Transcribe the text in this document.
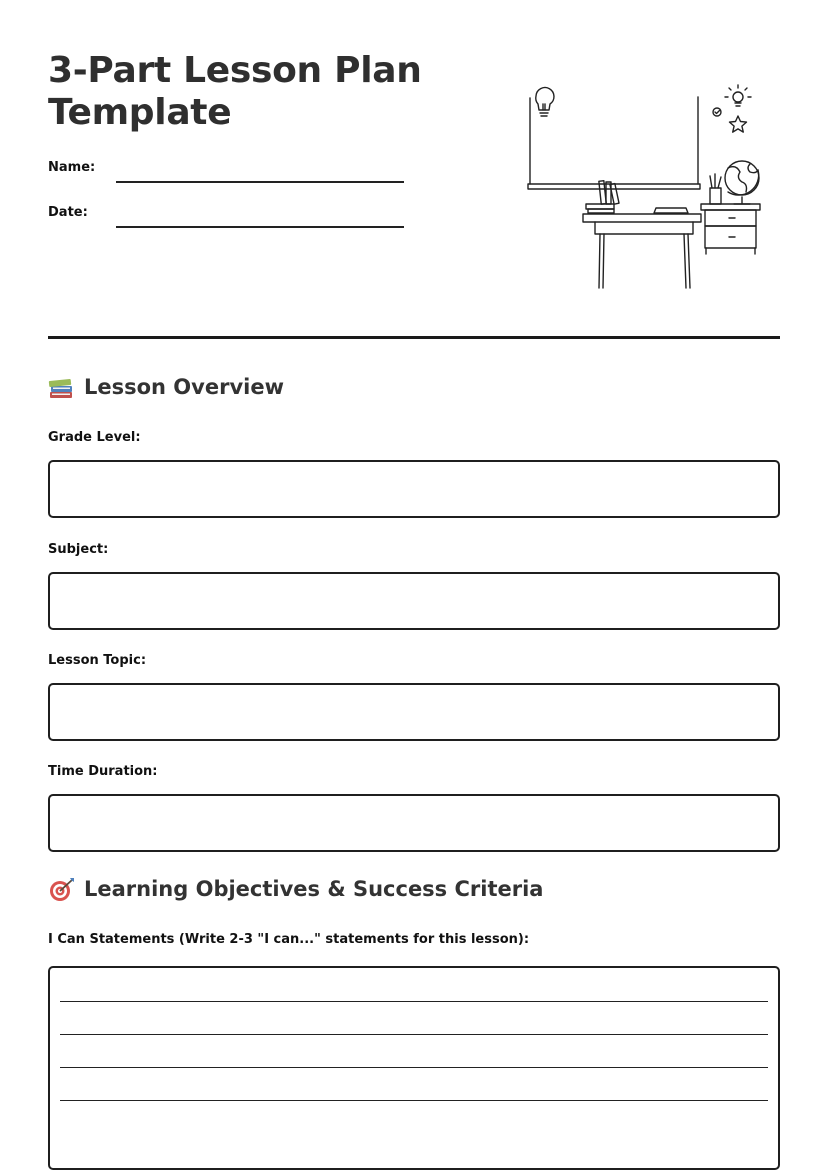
3-Part Lesson Plan
Template
Name:
Date:
Lesson Overview
Grade Level:
Subject:
Lesson Topic:
Time Duration:
Learning Objectives & Success Criteria
I Can Statements (Write 2-3 "I can..." statements for this lesson):
